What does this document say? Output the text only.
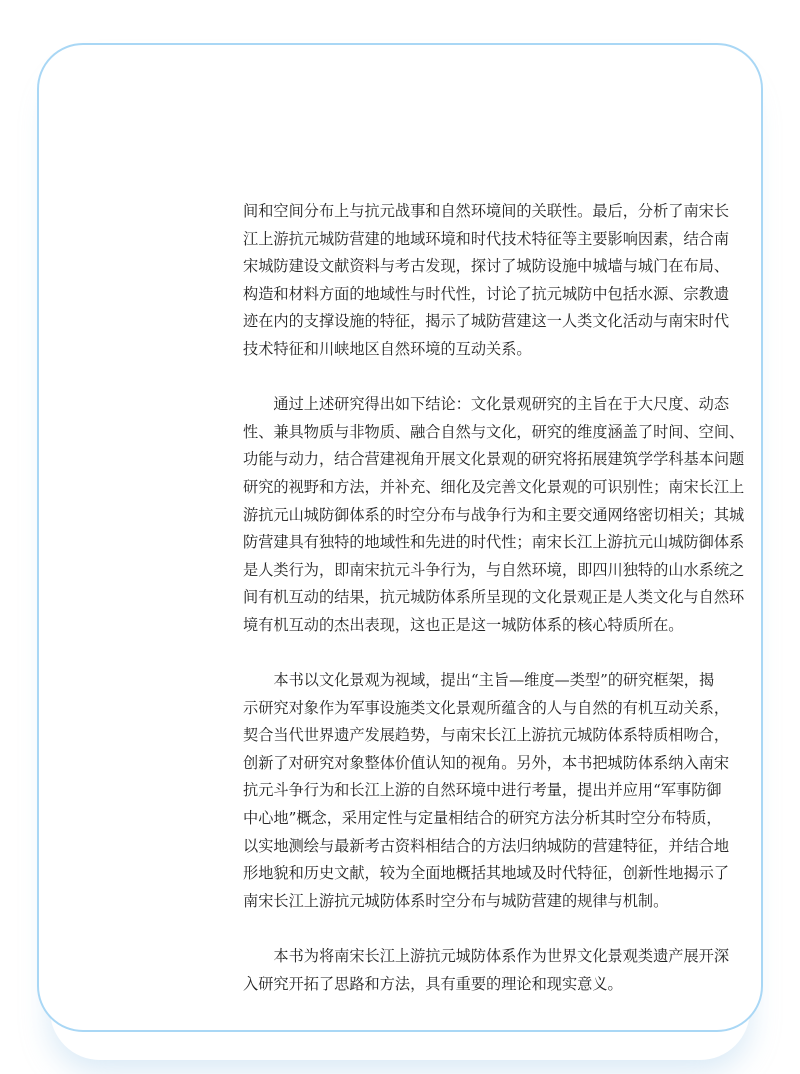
间和空间分布上与抗元战事和自然环境间的关联性。最后，分析了南宋长
江上游抗元城防营建的地域环境和时代技术特征等主要影响因素，结合南
宋城防建设文献资料与考古发现，探讨了城防设施中城墙与城门在布局、
构造和材料方面的地域性与时代性，讨论了抗元城防中包括水源、宗教遗
迹在内的支撑设施的特征，揭示了城防营建这一人类文化活动与南宋时代
技术特征和川峡地区自然环境的互动关系。
通过上述研究得出如下结论：文化景观研究的主旨在于大尺度、动态
性、兼具物质与非物质、融合自然与文化，研究的维度涵盖了时间、空间、
功能与动力，结合营建视角开展文化景观的研究将拓展建筑学学科基本问题
研究的视野和方法，并补充、细化及完善文化景观的可识别性；南宋长江上
游抗元山城防御体系的时空分布与战争行为和主要交通网络密切相关；其城
防营建具有独特的地域性和先进的时代性；南宋长江上游抗元山城防御体系
是人类行为，即南宋抗元斗争行为，与自然环境，即四川独特的山水系统之
间有机互动的结果，抗元城防体系所呈现的文化景观正是人类文化与自然环
境有机互动的杰出表现，这也正是这一城防体系的核心特质所在。
本书以文化景观为视域，提出“主旨—维度—类型”的研究框架，揭
示研究对象作为军事设施类文化景观所蕴含的人与自然的有机互动关系，
契合当代世界遗产发展趋势，与南宋长江上游抗元城防体系特质相吻合，
创新了对研究对象整体价值认知的视角。另外，本书把城防体系纳入南宋
抗元斗争行为和长江上游的自然环境中进行考量，提出并应用“军事防御
中心地”概念，采用定性与定量相结合的研究方法分析其时空分布特质，
以实地测绘与最新考古资料相结合的方法归纳城防的营建特征，并结合地
形地貌和历史文献，较为全面地概括其地域及时代特征，创新性地揭示了
南宋长江上游抗元城防体系时空分布与城防营建的规律与机制。
本书为将南宋长江上游抗元城防体系作为世界文化景观类遗产展开深
入研究开拓了思路和方法，具有重要的理论和现实意义。
